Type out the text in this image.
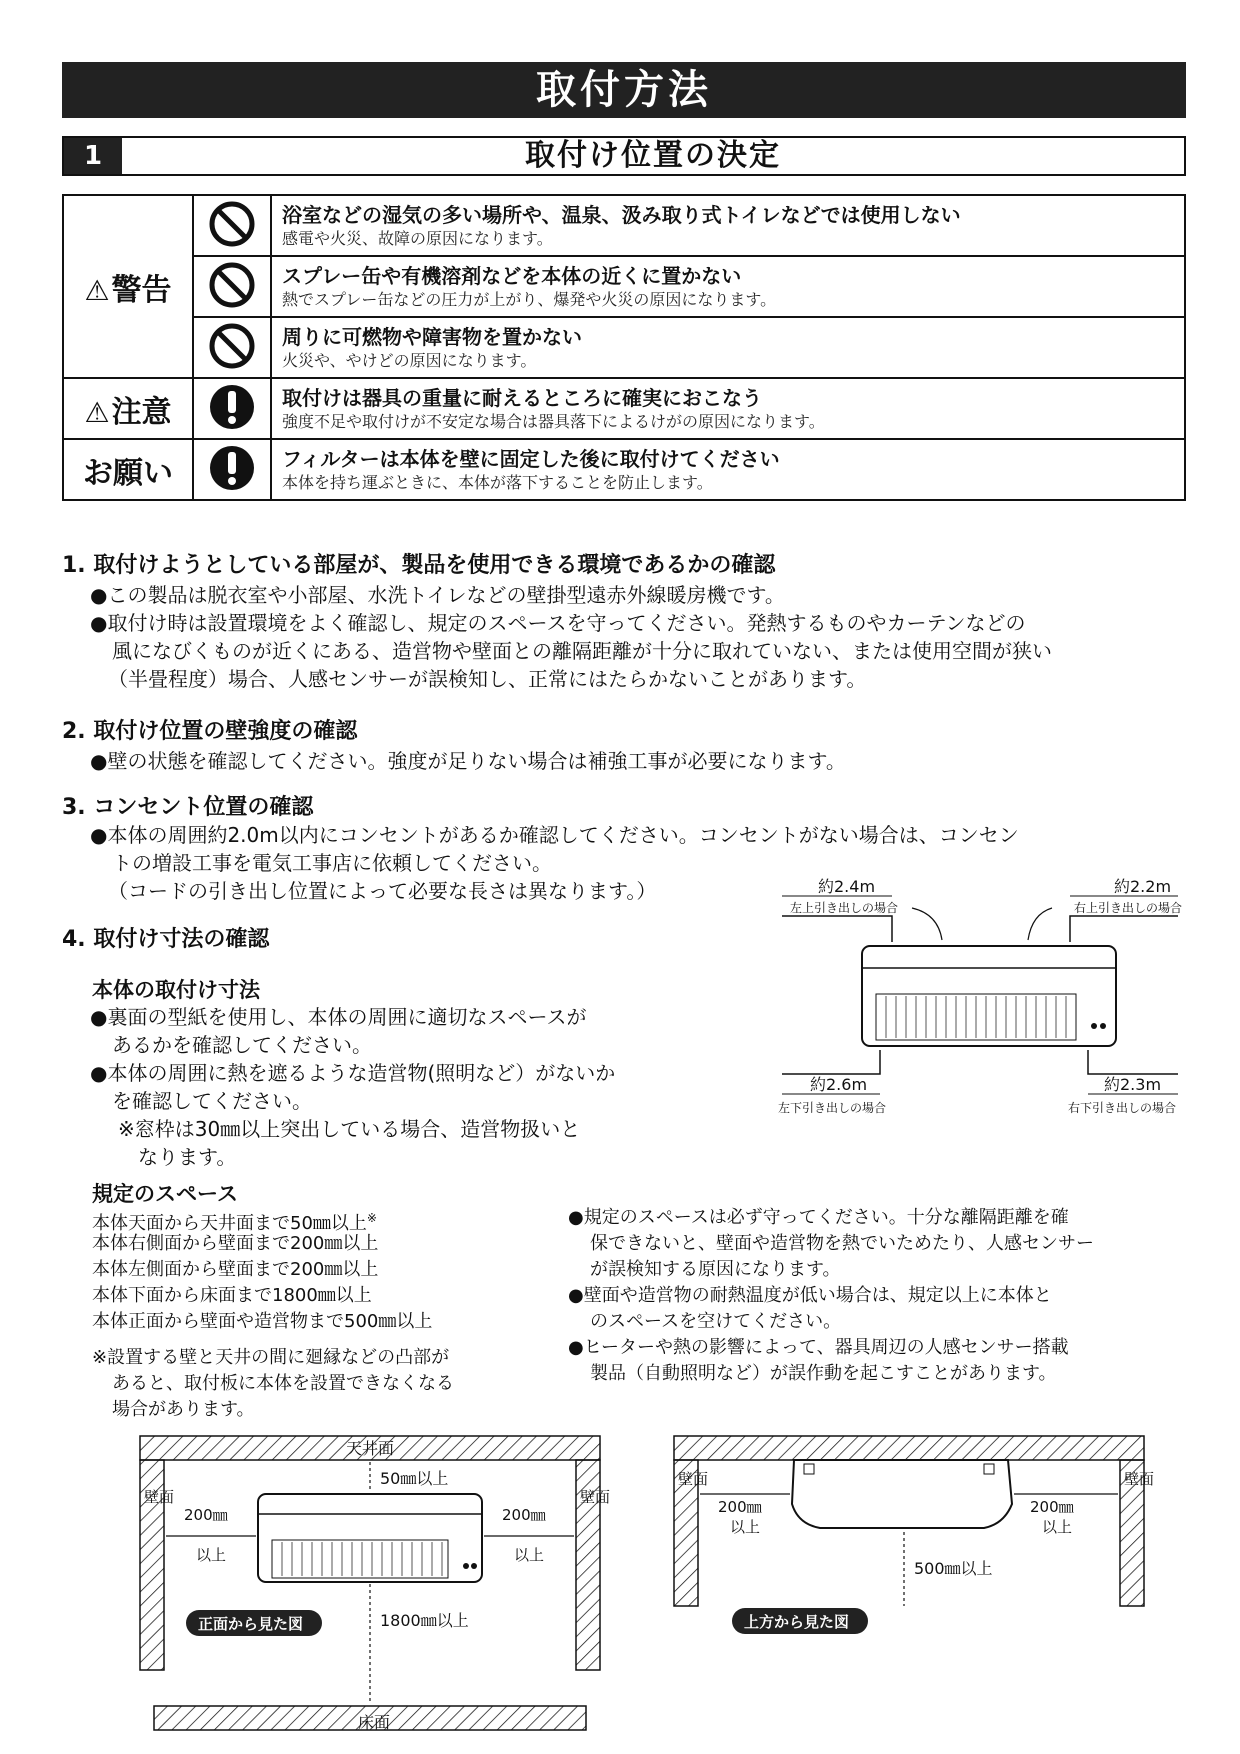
取付方法
1	取付け位置の決定
⚠警告		浴室などの湿気の多い場所や、温泉、汲み取り式トイレなどでは使用しない
感電や火災、故障の原因になります。

スプレー缶や有機溶剤などを本体の近くに置かない
熱でスプレー缶などの圧力が上がり、爆発や火災の原因になります。

周りに可燃物や障害物を置かない
火災や、やけどの原因になります。

⚠注意		取付けは器具の重量に耐えるところに確実におこなう
強度不足や取付けが不安定な場合は器具落下によるけがの原因になります。

お願い		フィルターは本体を壁に固定した後に取付けてください
本体を持ち運ぶときに、本体が落下することを防止します。
1. 取付けようとしている部屋が、製品を使用できる環境であるかの確認
●この製品は脱衣室や小部屋、水洗トイレなどの壁掛型遠赤外線暖房機です。
●取付け時は設置環境をよく確認し、規定のスペースを守ってください。発熱するものやカーテンなどの
風になびくものが近くにある、造営物や壁面との離隔距離が十分に取れていない、または使用空間が狭い
（半畳程度）場合、人感センサーが誤検知し、正常にはたらかないことがあります。
2. 取付け位置の壁強度の確認
●壁の状態を確認してください。強度が足りない場合は補強工事が必要になります。
3. コンセント位置の確認
●本体の周囲約2.0m以内にコンセントがあるか確認してください。コンセントがない場合は、コンセン
トの増設工事を電気工事店に依頼してください。
（コードの引き出し位置によって必要な長さは異なります。）
4. 取付け寸法の確認
本体の取付け寸法
●裏面の型紙を使用し、本体の周囲に適切なスペースが
あるかを確認してください。
●本体の周囲に熱を遮るような造営物(照明など）がないか
を確認してください。
※窓枠は30㎜以上突出している場合、造営物扱いと
なります。
約2.4m
左上引き出しの場合
約2.2m
右上引き出しの場合
約2.6m
左下引き出しの場合
約2.3m
右下引き出しの場合
規定のスペース
本体天面から天井面まで50㎜以上※
本体右側面から壁面まで200㎜以上
本体左側面から壁面まで200㎜以上
本体下面から床面まで1800㎜以上
本体正面から壁面や造営物まで500㎜以上
※設置する壁と天井の間に廻縁などの凸部が
あると、取付板に本体を設置できなくなる
場合があります。
●規定のスペースは必ず守ってください。十分な離隔距離を確
保できないと、壁面や造営物を熱でいためたり、人感センサー
が誤検知する原因になります。
●壁面や造営物の耐熱温度が低い場合は、規定以上に本体と
のスペースを空けてください。
●ヒーターや熱の影響によって、器具周辺の人感センサー搭載
製品（自動照明など）が誤作動を起こすことがあります。
天井面
床面
壁面	壁面
50㎜以上
200㎜
以上
200㎜
以上
1800㎜以上
正面から見た図
壁面	壁面
200㎜
以上
200㎜
以上
500㎜以上
上方から見た図
